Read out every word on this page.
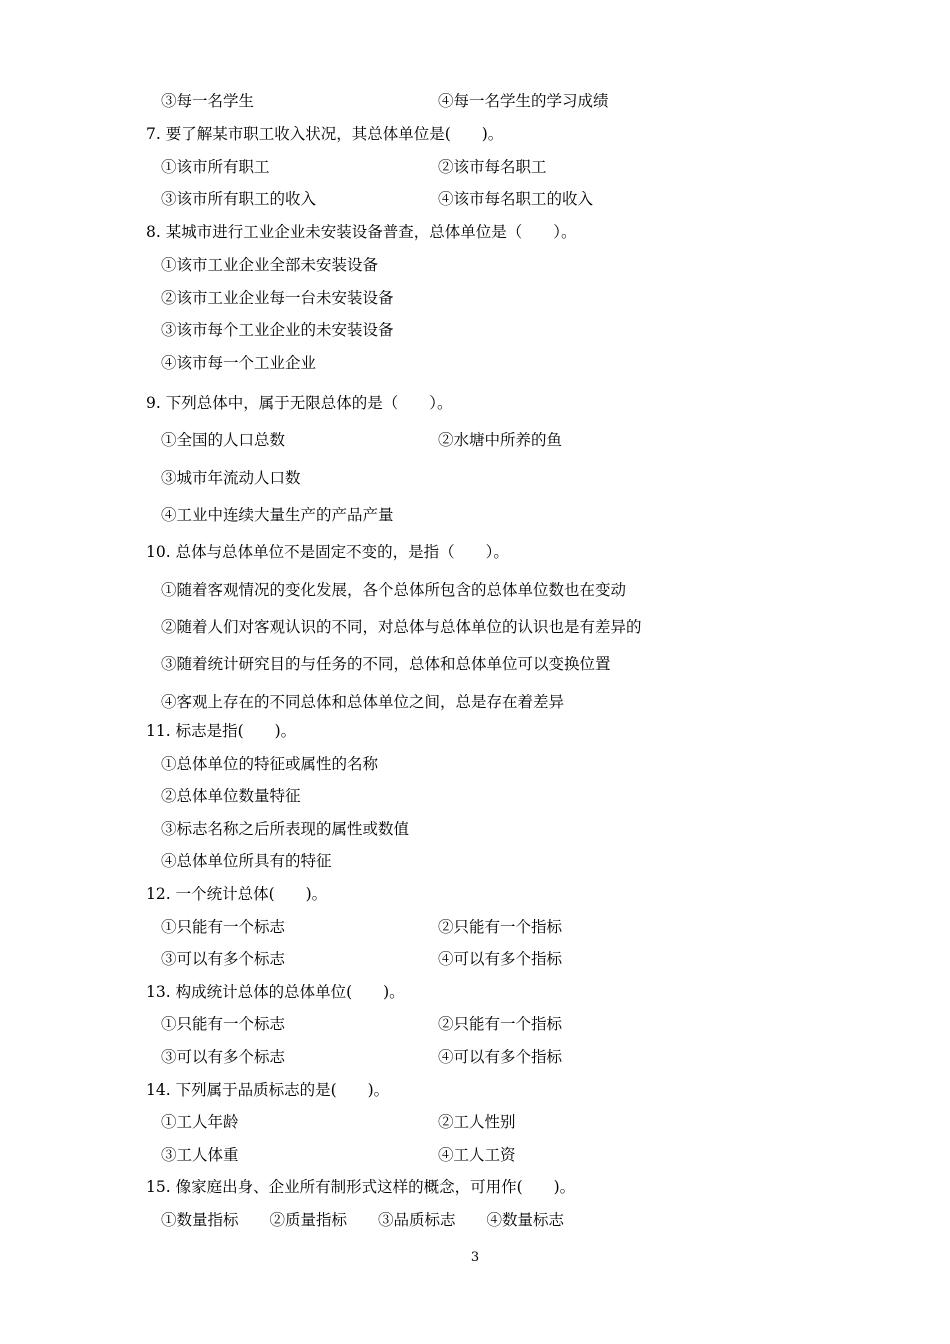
③每一名学生	④每一名学生的学习成绩
7. 要了解某市职工收入状况，其总体单位是(　　)。
①该市所有职工	②该市每名职工
③该市所有职工的收入	④该市每名职工的收入
8. 某城市进行工业企业未安装设备普查，总体单位是（　　）。
①该市工业企业全部未安装设备
②该市工业企业每一台未安装设备
③该市每个工业企业的未安装设备
④该市每一个工业企业
9. 下列总体中，属于无限总体的是（　　）。
①全国的人口总数	②水塘中所养的鱼
③城市年流动人口数
④工业中连续大量生产的产品产量
10. 总体与总体单位不是固定不变的，是指（　　）。
①随着客观情况的变化发展，各个总体所包含的总体单位数也在变动
②随着人们对客观认识的不同，对总体与总体单位的认识也是有差异的
③随着统计研究目的与任务的不同，总体和总体单位可以变换位置
④客观上存在的不同总体和总体单位之间，总是存在着差异
11. 标志是指(　　)。
①总体单位的特征或属性的名称
②总体单位数量特征
③标志名称之后所表现的属性或数值
④总体单位所具有的特征
12. 一个统计总体(　　)。
①只能有一个标志	②只能有一个指标
③可以有多个标志	④可以有多个指标
13. 构成统计总体的总体单位(　　)。
①只能有一个标志	②只能有一个指标
③可以有多个标志	④可以有多个指标
14. 下列属于品质标志的是(　　)。
①工人年龄	②工人性别
③工人体重	④工人工资
15. 像家庭出身、企业所有制形式这样的概念，可用作(　　)。
①数量指标　　②质量指标　　③品质标志　　④数量标志
3
